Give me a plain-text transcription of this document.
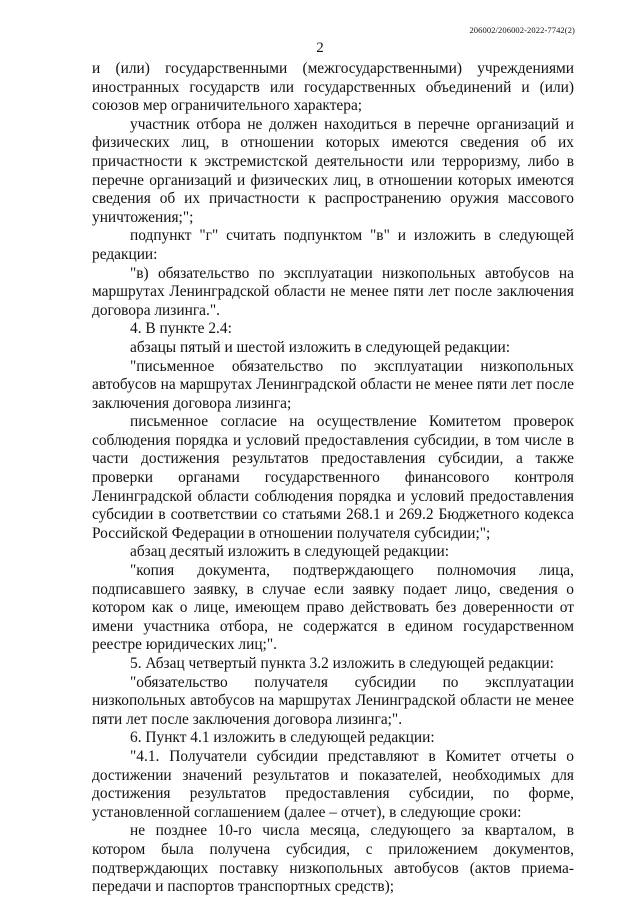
206002/206002-2022-7742(2)
2

и (или) государственными (межгосударственными) учреждениями иностранных государств или государственных объединений и (или) союзов мер ограничительного характера;

участник отбора не должен находиться в перечне организаций и физических лиц, в отношении которых имеются сведения об их причастности к экстремистской деятельности или терроризму, либо в перечне организаций и физических лиц, в отношении которых имеются сведения об их причастности к распространению оружия массового уничтожения;";

подпункт "г" считать подпунктом "в" и изложить в следующей редакции:

"в) обязательство по эксплуатации низкопольных автобусов на маршрутах Ленинградской области не менее пяти лет после заключения договора лизинга.".

4. В пункте 2.4:

абзацы пятый и шестой изложить в следующей редакции:

"письменное обязательство по эксплуатации низкопольных автобусов на маршрутах Ленинградской области не менее пяти лет после заключения договора лизинга;

письменное согласие на осуществление Комитетом проверок соблюдения порядка и условий предоставления субсидии, в том числе в части достижения результатов предоставления субсидии, а также проверки органами государственного финансового контроля Ленинградской области соблюдения порядка и условий предоставления субсидии в соответствии со статьями 268.1 и 269.2 Бюджетного кодекса Российской Федерации в отношении получателя субсидии;";

абзац десятый изложить в следующей редакции:

"копия документа, подтверждающего полномочия лица, подписавшего заявку, в случае если заявку подает лицо, сведения о котором как о лице, имеющем право действовать без доверенности от имени участника отбора, не содержатся в едином государственном реестре юридических лиц;".

5. Абзац четвертый пункта 3.2 изложить в следующей редакции:

"обязательство получателя субсидии по эксплуатации низкопольных автобусов на маршрутах Ленинградской области не менее пяти лет после заключения договора лизинга;".

6. Пункт 4.1 изложить в следующей редакции:

"4.1. Получатели субсидии представляют в Комитет отчеты о достижении значений результатов и показателей, необходимых для достижения результатов предоставления субсидии, по форме, установленной соглашением (далее – отчет), в следующие сроки:

не позднее 10-го числа месяца, следующего за кварталом, в котором была получена субсидия, с приложением документов, подтверждающих поставку низкопольных автобусов (актов приема-передачи и паспортов транспортных средств);
